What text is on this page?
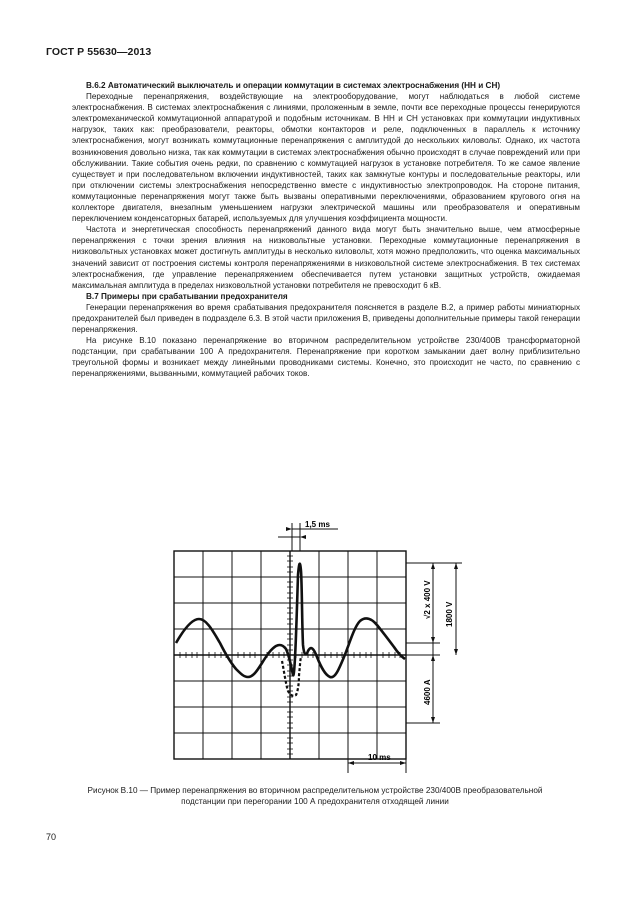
ГОСТ Р 55630—2013
В.6.2 Автоматический выключатель и операции коммутации в системах электроснабжения (НН и СН)

Переходные перенапряжения, воздействующие на электрооборудование, могут наблюдаться в любой системе электроснабжения. В системах электроснабжения с линиями, проложенным в земле, почти все переходные процессы генерируются электромеханической коммутационной аппаратурой и подобным источникам. В НН и СН установках при коммутации индуктивных нагрузок, таких как: преобразователи, реакторы, обмотки контакторов и реле, подключенных в параллель к источнику электроснабжения, могут возникать коммутационные перенапряжения с амплитудой до нескольких киловольт. Однако, их частота возникновения довольно низка, так как коммутации в системах электроснабжения обычно происходят в случае повреждений или при обслуживании. Такие события очень редки, по сравнению с коммутацией нагрузок в установке потребителя. То же самое явление существует и при последовательном включении индуктивностей, таких как замкнутые контуры и последовательные реакторы, или при отключении системы электроснабжения непосредственно вместе с индуктивностью электропроводок. На стороне питания, коммутационные перенапряжения могут также быть вызваны оперативными переключениями, образованием кругового огня на коллекторе двигателя, внезапным уменьшением нагрузки электрической машины или преобразователя и оперативным переключением конденсаторных батарей, используемых для улучшения коэффициента мощности.

Частота и энергетическая способность перенапряжений данного вида могут быть значительно выше, чем атмосферные перенапряжения с точки зрения влияния на низковольтные установки. Переходные коммутационные перенапряжения в низковольтных установках может достигнуть амплитуды в несколько киловольт, хотя можно предположить, что оценка максимальных значений зависит от построения системы контроля перенапряжениями в низковольтной системе электроснабжения. В тех системах электроснабжения, где управление перенапряжением обеспечивается путем установки защитных устройств, ожидаемая максимальная амплитуда в пределах низковольтной установки потребителя не превосходит 6 кВ.

В.7 Примеры при срабатывании предохранителя

Генерации перенапряжения во время срабатывания предохранителя поясняется в разделе В.2, а пример работы миниатюрных предохранителей был приведен в подразделе 6.3. В этой части приложения В, приведены дополнительные примеры такой генерации перенапряжения.

На рисунке В.10 показано перенапряжение во вторичном распределительном устройстве 230/400В трансформаторной подстанции, при срабатывании 100 А предохранителя. Перенапряжение при коротком замыкании дает волну приблизительно треугольной формы и возникает между линейными проводниками системы. Конечно, это происходит не часто, по сравнению с перенапряжениями, вызванными, коммутацией рабочих токов.

1,5 ms
10 ms
√2 x 400 V 1800 V
4600 A
Рисунок В.10 — Пример перенапряжения во вторичном распределительном устройстве 230/400В преобразовательной подстанции при перегорании 100 А предохранителя отходящей линии
70
